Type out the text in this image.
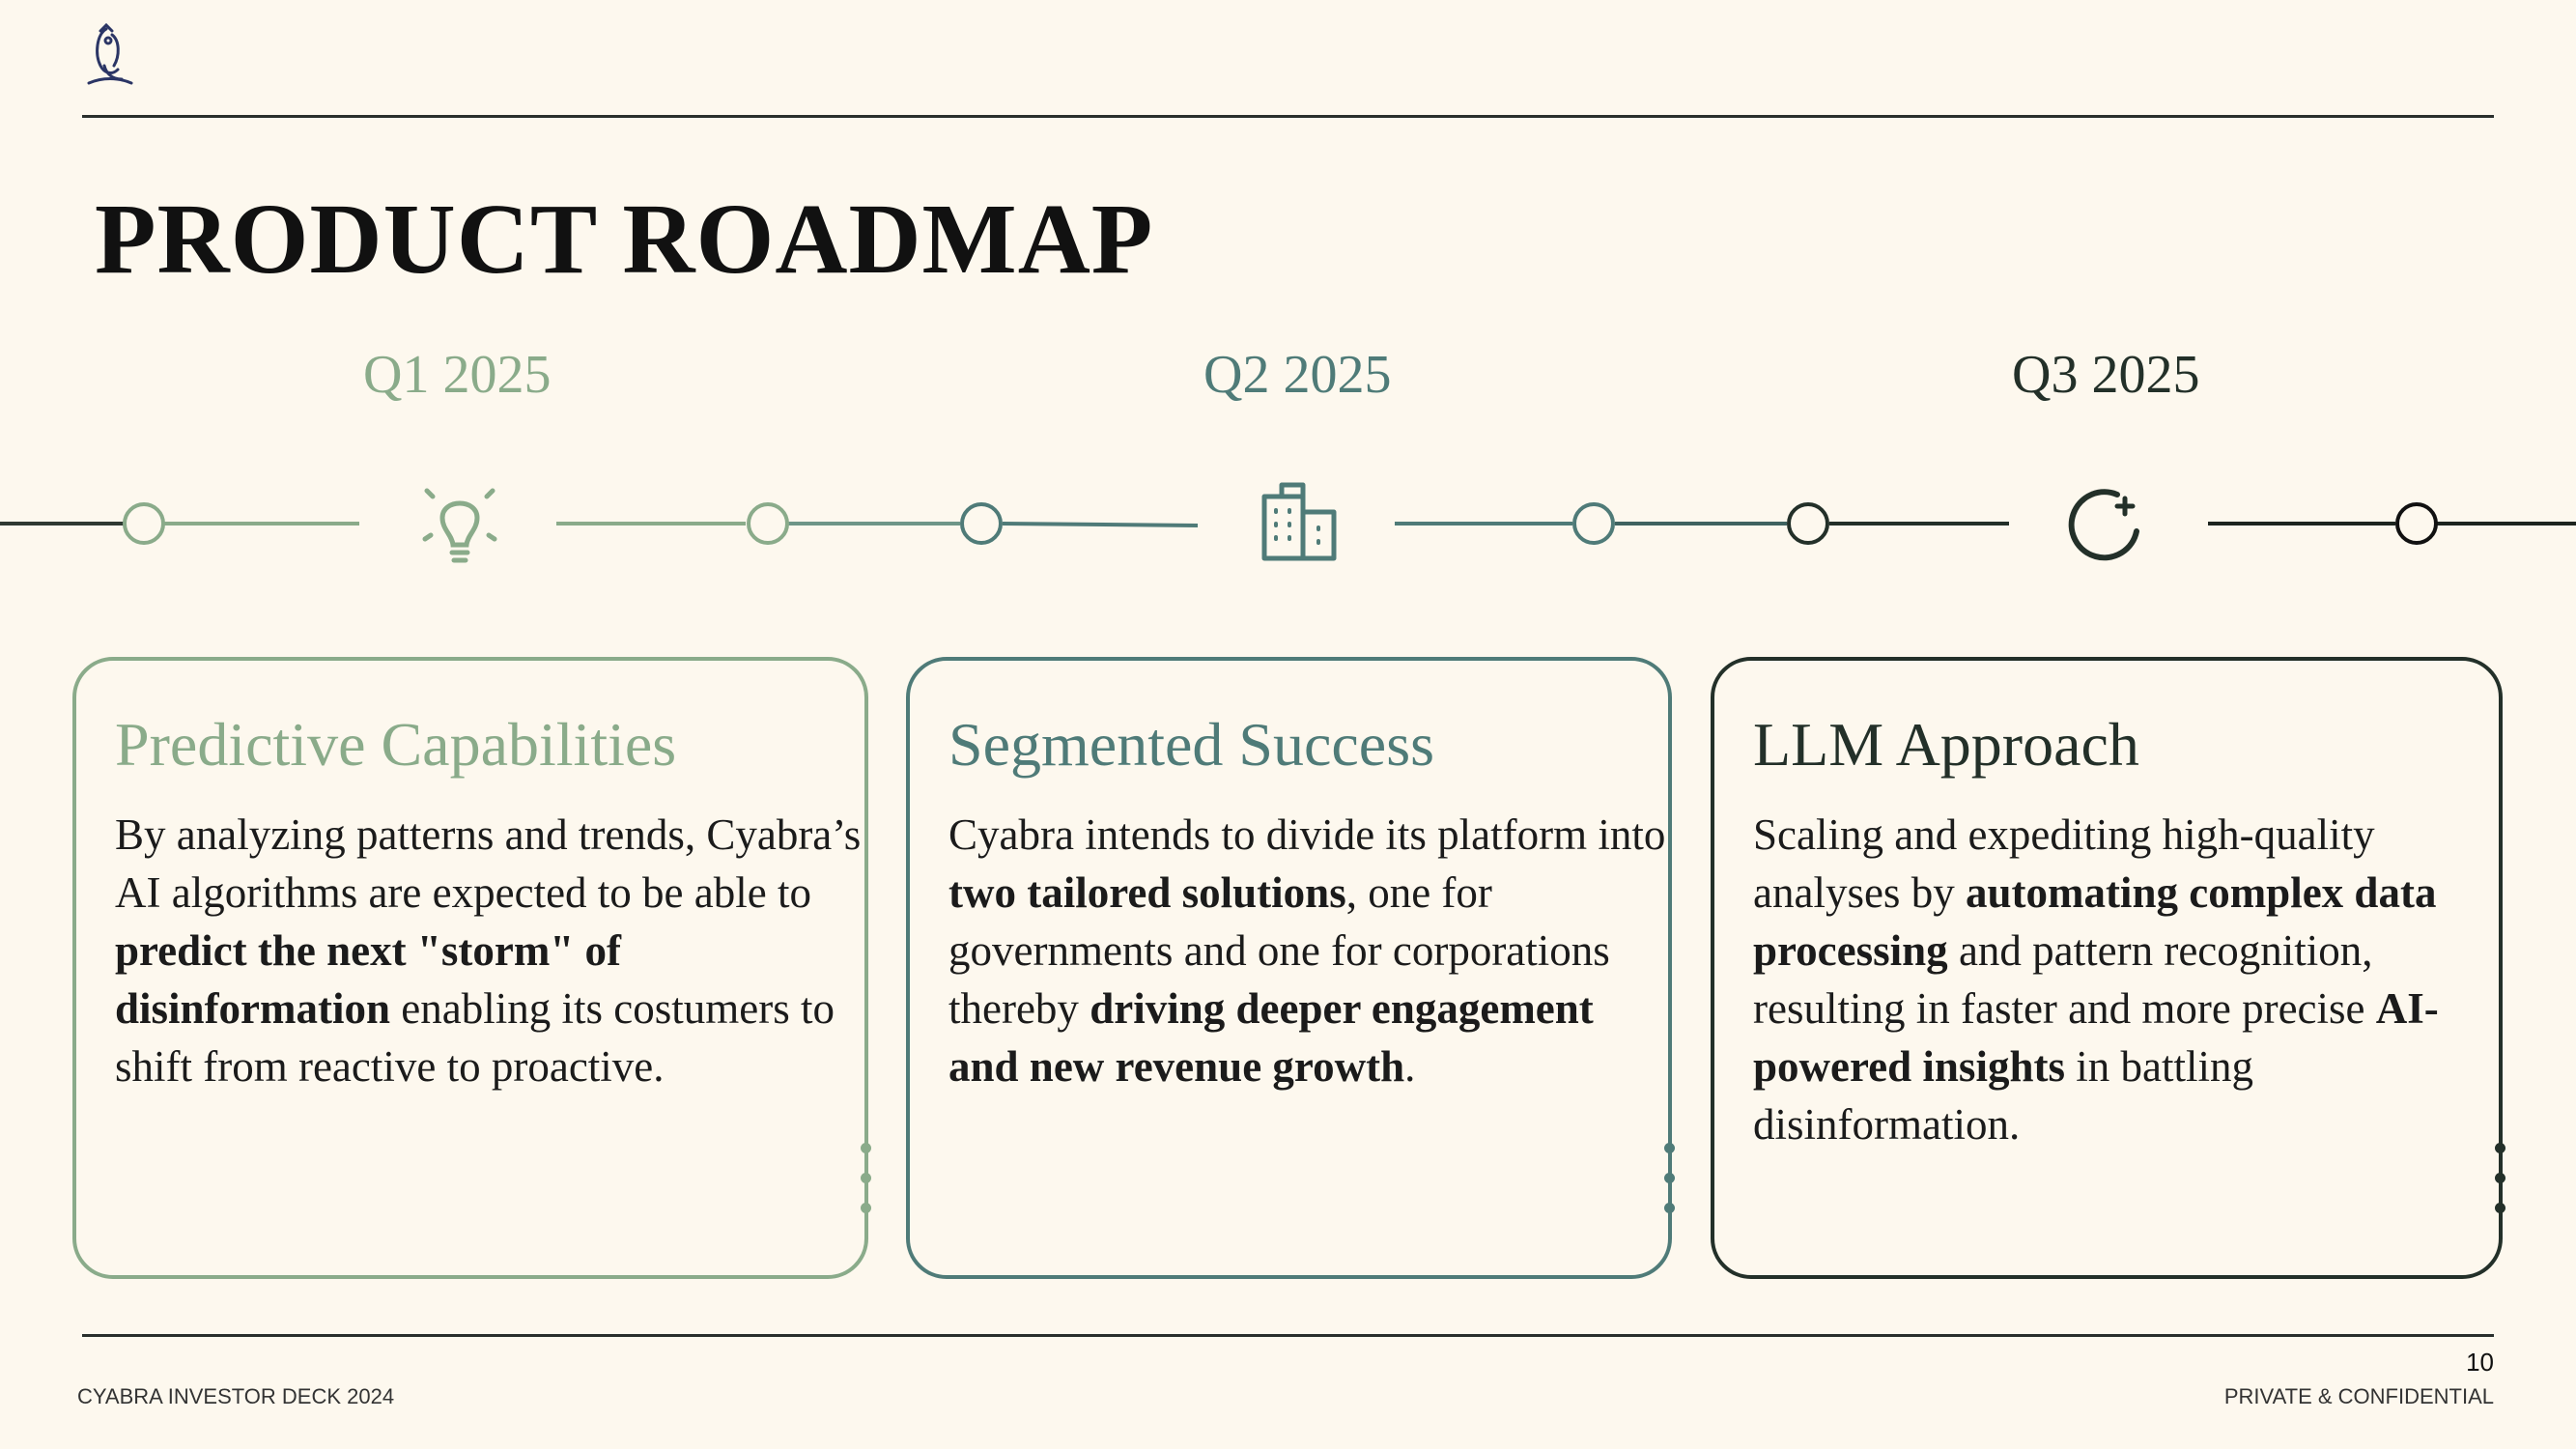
PRODUCT ROADMAP
Q1 2025	Q2 2025	Q3 2025
Predictive Capabilities

By analyzing patterns and trends, Cyabra’s AI algorithms are expected to be able to predict the next "storm" of disinformation enabling its costumers to shift from reactive to proactive.

Segmented Success

Cyabra intends to divide its platform into two tailored solutions, one for governments and one for corporations thereby driving deeper engagement and new revenue growth.

LLM Approach

Scaling and expediting high-quality analyses by automating complex data processing and pattern recognition, resulting in faster and more precise AI-powered insights in battling disinformation.

10
CYABRA INVESTOR DECK 2024	PRIVATE & CONFIDENTIAL
